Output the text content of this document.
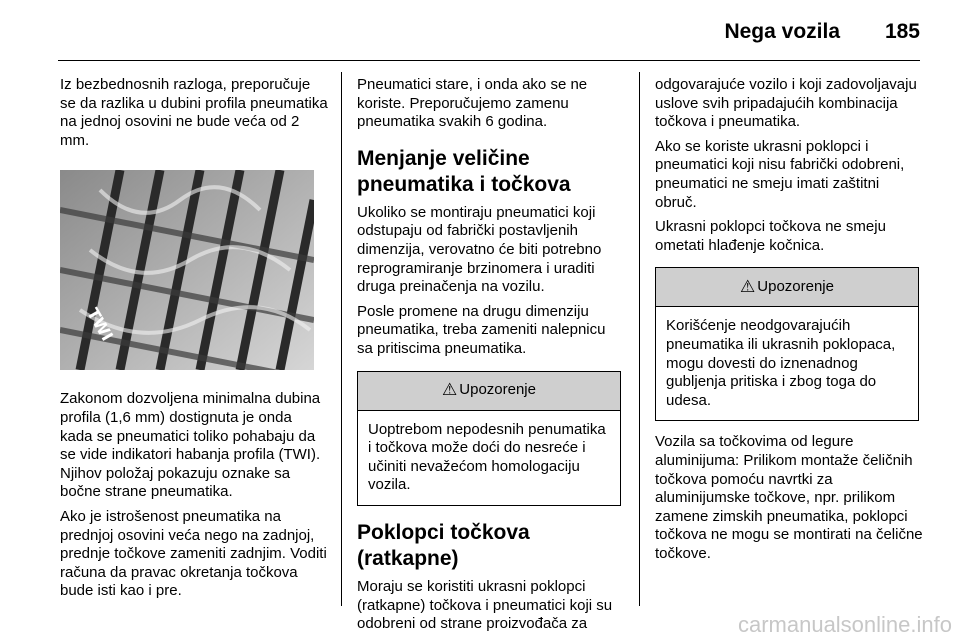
Nega vozila 185

Iz bezbednosnih razloga, preporučuje se da razlika u dubini profila pneumatika na jednoj osovini ne bude veća od 2 mm.

TWI

Zakonom dozvoljena minimalna dubina profila (1,6 mm) dostignuta je onda kada se pneumatici toliko pohabaju da se vide indikatori habanja profila (TWI). Njihov položaj pokazuju oznake sa bočne strane pneumatika.

Ako je istrošenost pneumatika na prednjoj osovini veća nego na zadnjoj, prednje točkove zameniti zadnjim. Voditi računa da pravac okretanja točkova bude isti kao i pre.

Pneumatici stare, i onda ako se ne koriste. Preporučujemo zamenu pneumatika svakih 6 godina.

Menjanje veličine pneumatika i točkova

Ukoliko se montiraju pneumatici koji odstupaju od fabrički postavljenih dimenzija, verovatno će biti potrebno reprogramiranje brzinomera i uraditi druga preinačenja na vozilu.

Posle promene na drugu dimenziju pneumatika, treba zameniti nalepnicu sa pritiscima pneumatika.

⚠ Upozorenje
Uoptrebom nepodesnih penumatika i točkova može doći do nesreće i učiniti nevažećom homologaciju vozila.
Poklopci točkova (ratkapne)

Moraju se koristiti ukrasni poklopci (ratkapne) točkova i pneumatici koji su odobreni od strane proizvođača za

odgovarajuće vozilo i koji zadovoljavaju uslove svih pripadajućih kombinacija točkova i pneumatika.

Ako se koriste ukrasni poklopci i pneumatici koji nisu fabrički odobreni, pneumatici ne smeju imati zaštitni obruč.

Ukrasni poklopci točkova ne smeju ometati hlađenje kočnica.

⚠ Upozorenje
Korišćenje neodgovarajućih pneumatika ili ukrasnih poklopaca, mogu dovesti do iznenadnog gubljenja pritiska i zbog toga do udesa.

Vozila sa točkovima od legure aluminijuma: Prilikom montaže čeličnih točkova pomoću navrtki za aluminijumske točkove, npr. prilikom zamene zimskih pneumatika, poklopci točkova ne mogu se montirati na čelične točkove.

carmanualsonline.info
